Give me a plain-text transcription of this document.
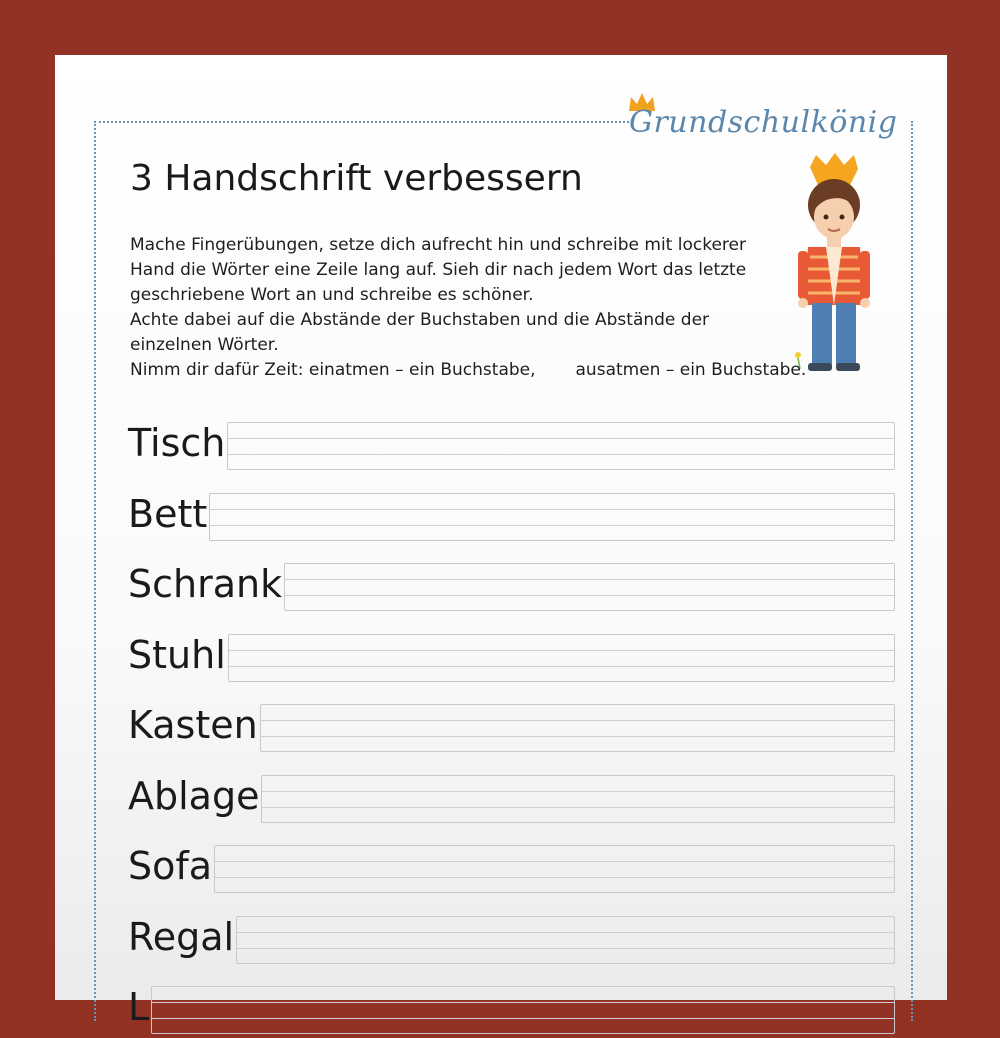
Grundschulkönig
3 Handschrift verbessern
Mache Fingerübungen, setze dich aufrecht hin und schreibe mit lockerer
Hand die Wörter eine Zeile lang auf. Sieh dir nach jedem Wort das letzte
geschriebene Wort an und schreibe es schöner.
Achte dabei auf die Abstände der Buchstaben und die Abstände der
einzelnen Wörter.
Nimm dir dafür Zeit: einatmen – ein Buchstabe, ausatmen – ein Buchstabe.
Tisch
Bett
Schrank
Stuhl
Kasten
Ablage
Sofa
Regal
L
